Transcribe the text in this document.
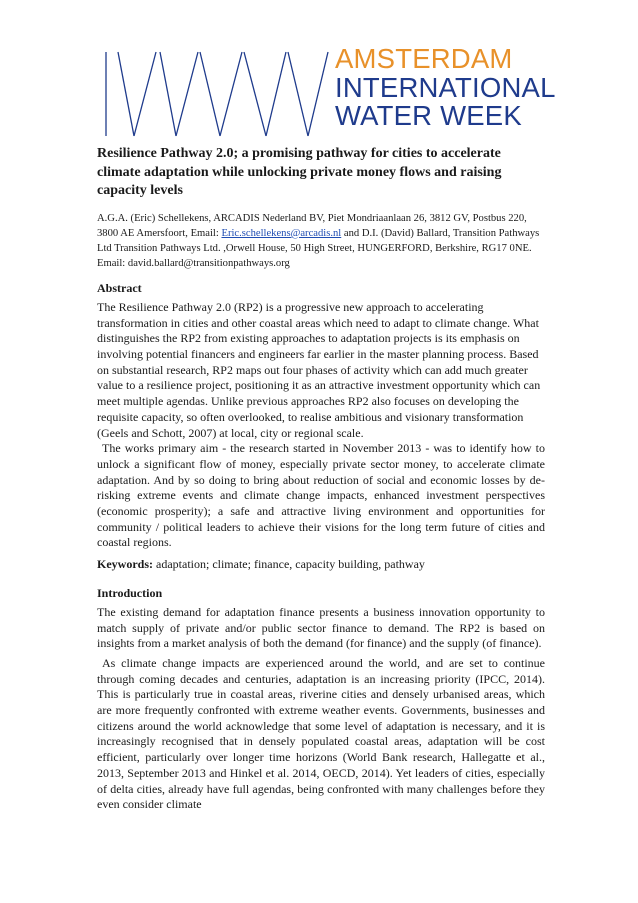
AMSTERDAM
INTERNATIONAL
WATER WEEK
Resilience Pathway 2.0; a promising pathway for cities to accelerate climate adaptation while unlocking private money flows and raising capacity levels
A.G.A. (Eric) Schellekens, ARCADIS Nederland BV, Piet Mondriaanlaan 26, 3812 GV, Postbus 220, 3800 AE Amersfoort, Email: Eric.schellekens@arcadis.nl and D.I. (David) Ballard, Transition Pathways Ltd Transition Pathways Ltd. ,Orwell House, 50 High Street, HUNGERFORD, Berkshire, RG17 0NE. Email: david.ballard@transitionpathways.org
Abstract

The Resilience Pathway 2.0 (RP2) is a progressive new approach to accelerating transformation in cities and other coastal areas which need to adapt to climate change. What distinguishes the RP2 from existing approaches to adaptation projects is its emphasis on involving potential financers and engineers far earlier in the master planning process. Based on substantial research, RP2 maps out four phases of activity which can add much greater value to a resilience project, positioning it as an attractive investment opportunity which can meet multiple agendas. Unlike previous approaches RP2 also focuses on developing the requisite capacity, so often overlooked, to realise ambitious and visionary transformation (Geels and Schott, 2007) at local, city or regional scale.

The works primary aim - the research started in November 2013 - was to identify how to unlock a significant flow of money, especially private sector money, to accelerate climate adaptation. And by so doing to bring about reduction of social and economic losses by de-risking extreme events and climate change impacts, enhanced investment perspectives (economic prosperity); a safe and attractive living environment and opportunities for community / political leaders to achieve their visions for the long term future of cities and coastal regions.

Keywords: adaptation; climate; finance, capacity building, pathway
Introduction

The existing demand for adaptation finance presents a business innovation opportunity to match supply of private and/or public sector finance to demand. The RP2 is based on insights from a market analysis of both the demand (for finance) and the supply (of finance).

As climate change impacts are experienced around the world, and are set to continue through coming decades and centuries, adaptation is an increasing priority (IPCC, 2014). This is particularly true in coastal areas, riverine cities and densely urbanised areas, which are more frequently confronted with extreme weather events. Governments, businesses and citizens around the world acknowledge that some level of adaptation is necessary, and it is increasingly recognised that in densely populated coastal areas, adaptation will be cost efficient, particularly over longer time horizons (World Bank research, Hallegatte et al., 2013, September 2013 and Hinkel et al. 2014, OECD, 2014). Yet leaders of cities, especially of delta cities, already have full agendas, being confronted with many challenges before they even consider climate
